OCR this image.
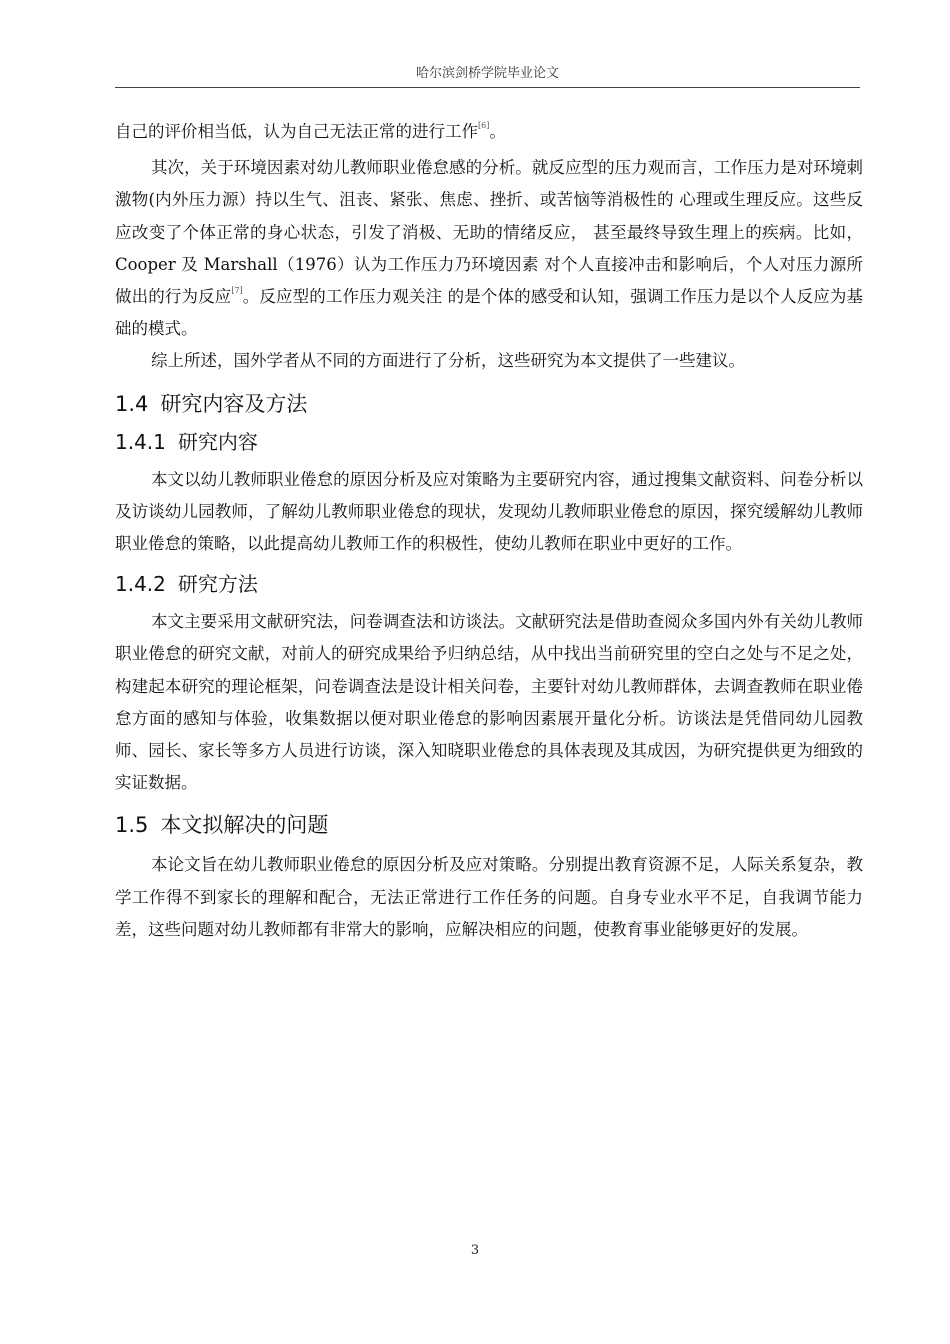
哈尔滨剑桥学院毕业论文

自己的评价相当低，认为自己无法正常的进行工作[6]。

其次，关于环境因素对幼儿教师职业倦怠感的分析。就反应型的压力观而言，工作压力是对环境刺激物(内外压力源）持以生气、沮丧、紧张、焦虑、挫折、或苦恼等消极性的 心理或生理反应。这些反应改变了个体正常的身心状态，引发了消极、无助的情绪反应， 甚至最终导致生理上的疾病。比如，Cooper 及 Marshall（1976）认为工作压力乃环境因素 对个人直接冲击和影响后，个人对压力源所做出的行为反应[7]。反应型的工作压力观关注 的是个体的感受和认知，强调工作压力是以个人反应为基础的模式。

综上所述，国外学者从不同的方面进行了分析，这些研究为本文提供了一些建议。

1.4 研究内容及方法
1.4.1 研究内容

本文以幼儿教师职业倦怠的原因分析及应对策略为主要研究内容，通过搜集文献资料、问卷分析以及访谈幼儿园教师，了解幼儿教师职业倦怠的现状，发现幼儿教师职业倦怠的原因，探究缓解幼儿教师职业倦怠的策略，以此提高幼儿教师工作的积极性，使幼儿教师在职业中更好的工作。

1.4.2 研究方法

本文主要采用文献研究法，问卷调查法和访谈法。文献研究法是借助查阅众多国内外有关幼儿教师职业倦怠的研究文献，对前人的研究成果给予归纳总结，从中找出当前研究里的空白之处与不足之处，构建起本研究的理论框架，问卷调查法是设计相关问卷，主要针对幼儿教师群体，去调查教师在职业倦怠方面的感知与体验，收集数据以便对职业倦怠的影响因素展开量化分析。访谈法是凭借同幼儿园教师、园长、家长等多方人员进行访谈，深入知晓职业倦怠的具体表现及其成因，为研究提供更为细致的实证数据。

1.5 本文拟解决的问题

本论文旨在幼儿教师职业倦怠的原因分析及应对策略。分别提出教育资源不足，人际关系复杂，教学工作得不到家长的理解和配合，无法正常进行工作任务的问题。自身专业水平不足，自我调节能力差，这些问题对幼儿教师都有非常大的影响，应解决相应的问题，使教育事业能够更好的发展。

3
